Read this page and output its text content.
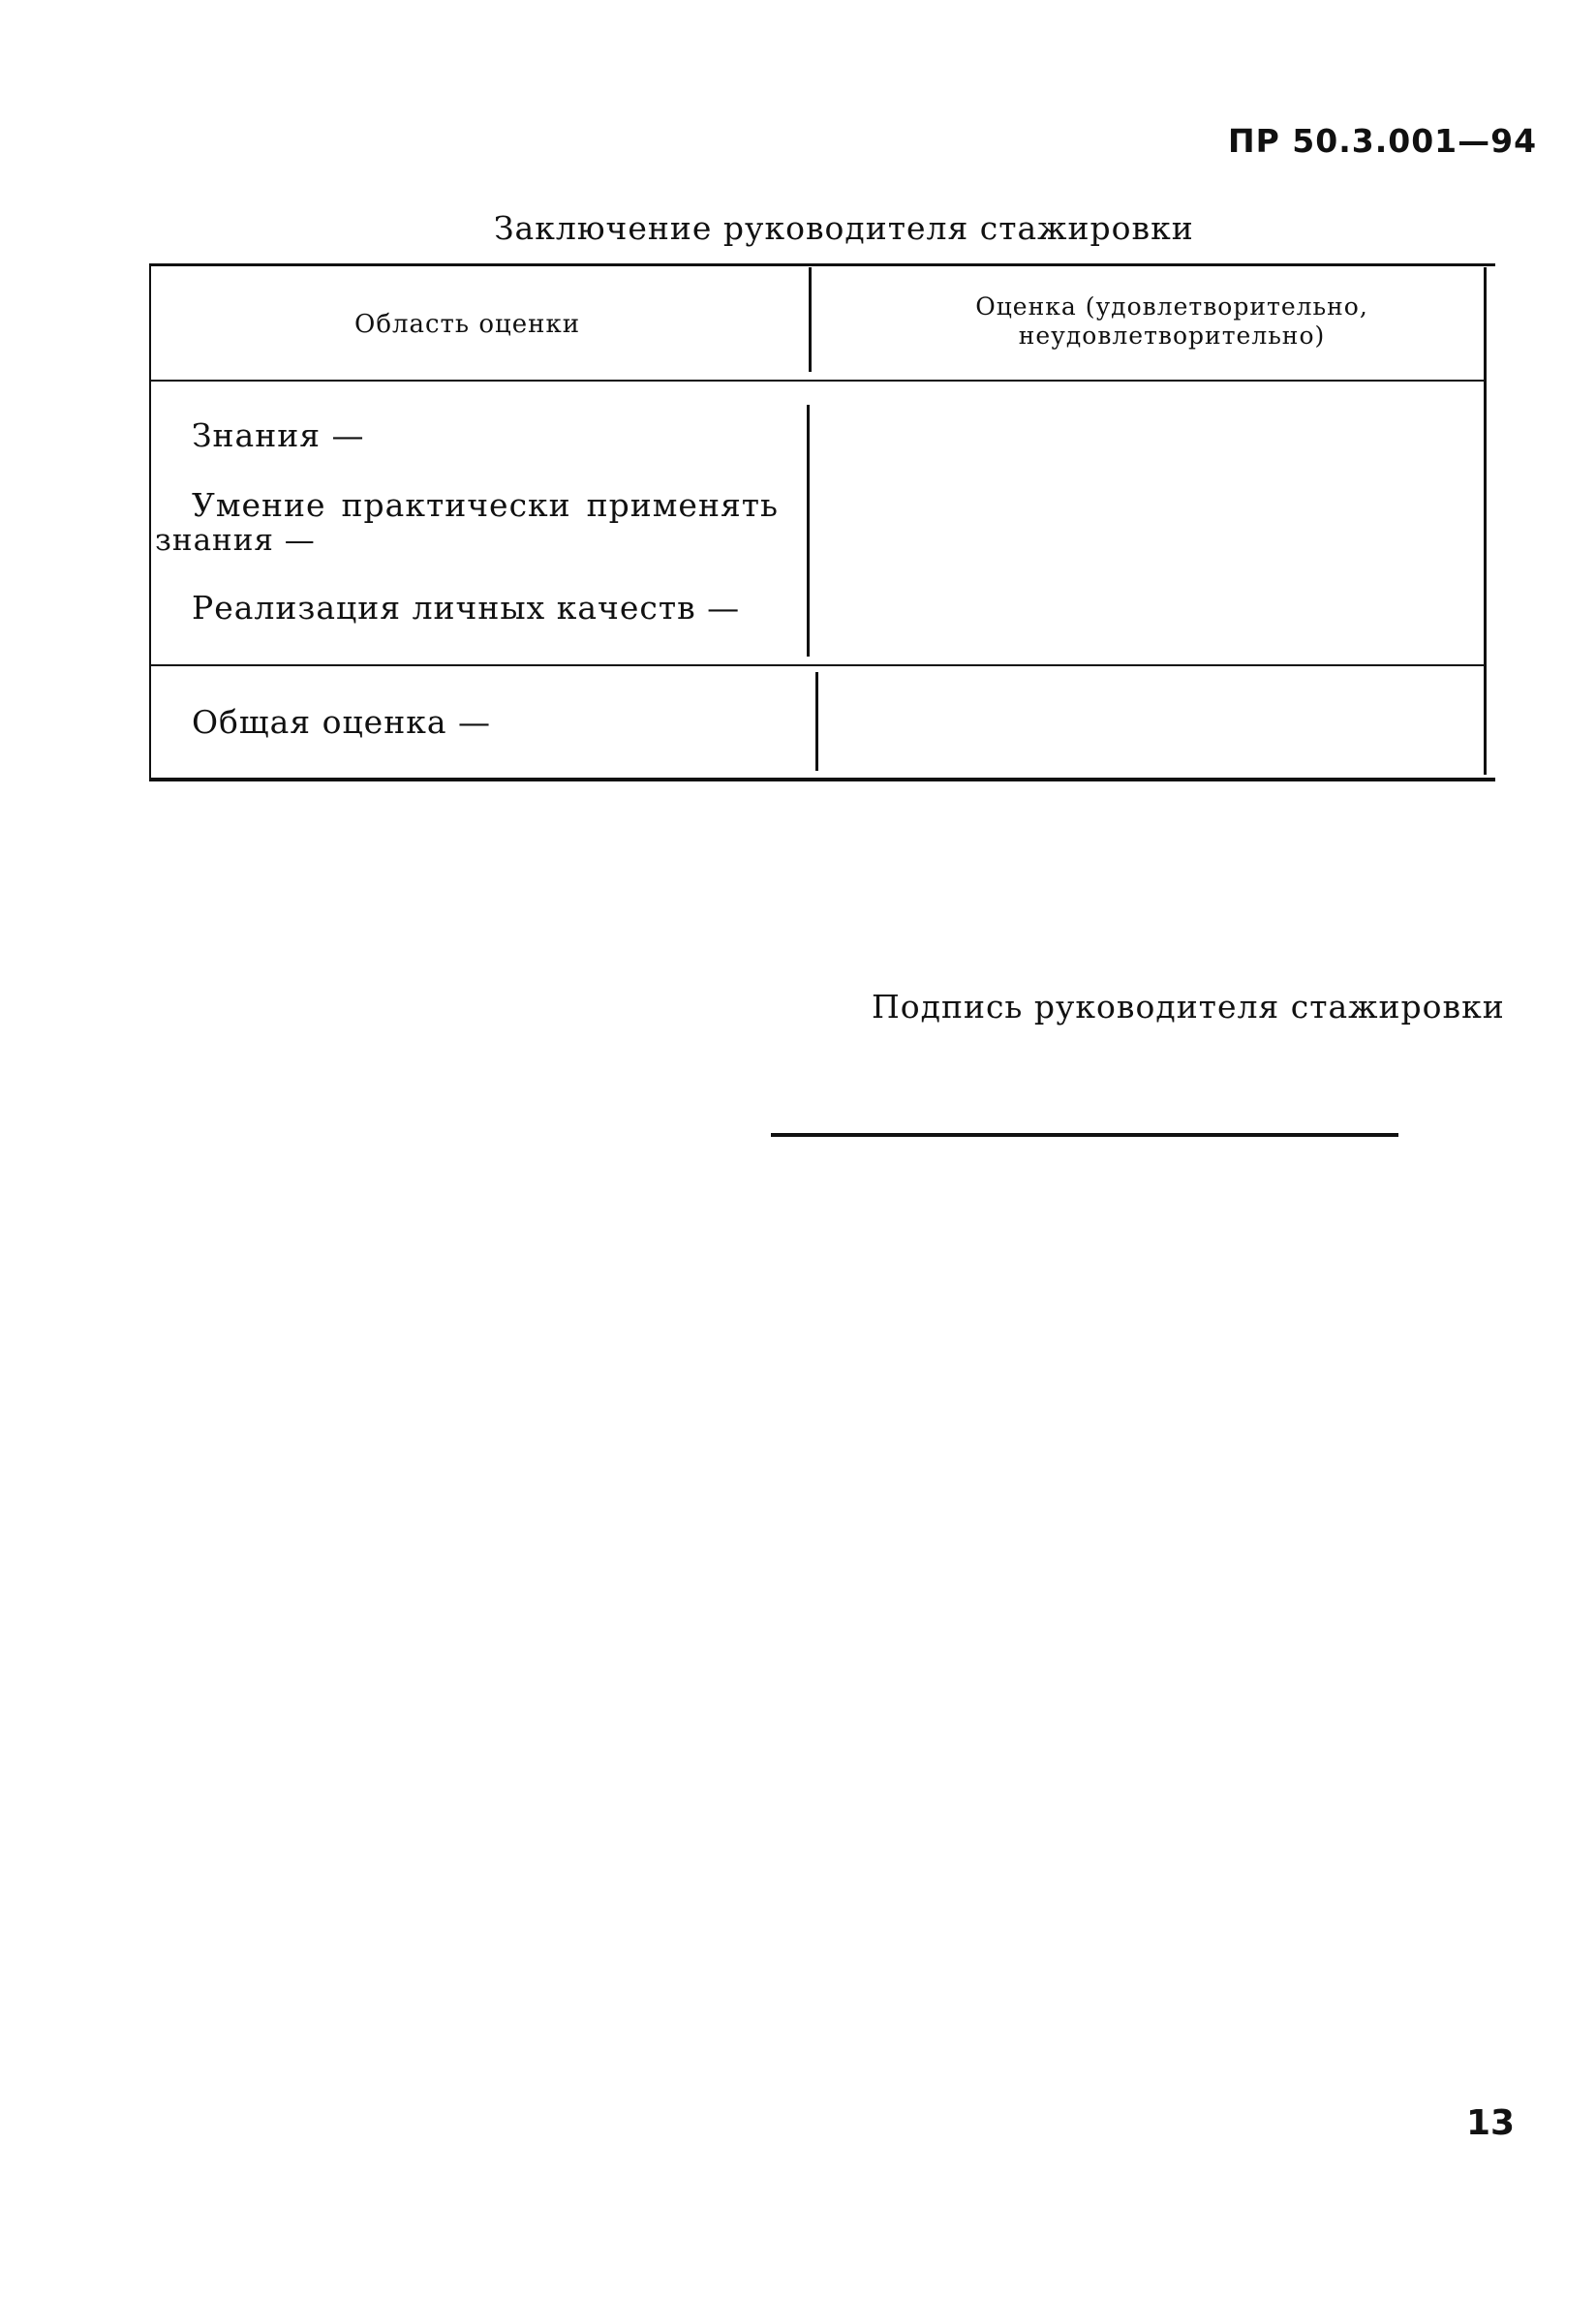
ПР 50.3.001—94
Заключение руководителя стажировки
Область оценки
Оценка (удовлетворительно, неудовлетворительно)
Знания —
Умение практически применять
знания —
Реализация личных качеств —
Общая оценка —
Подпись руководителя стажировки
13
